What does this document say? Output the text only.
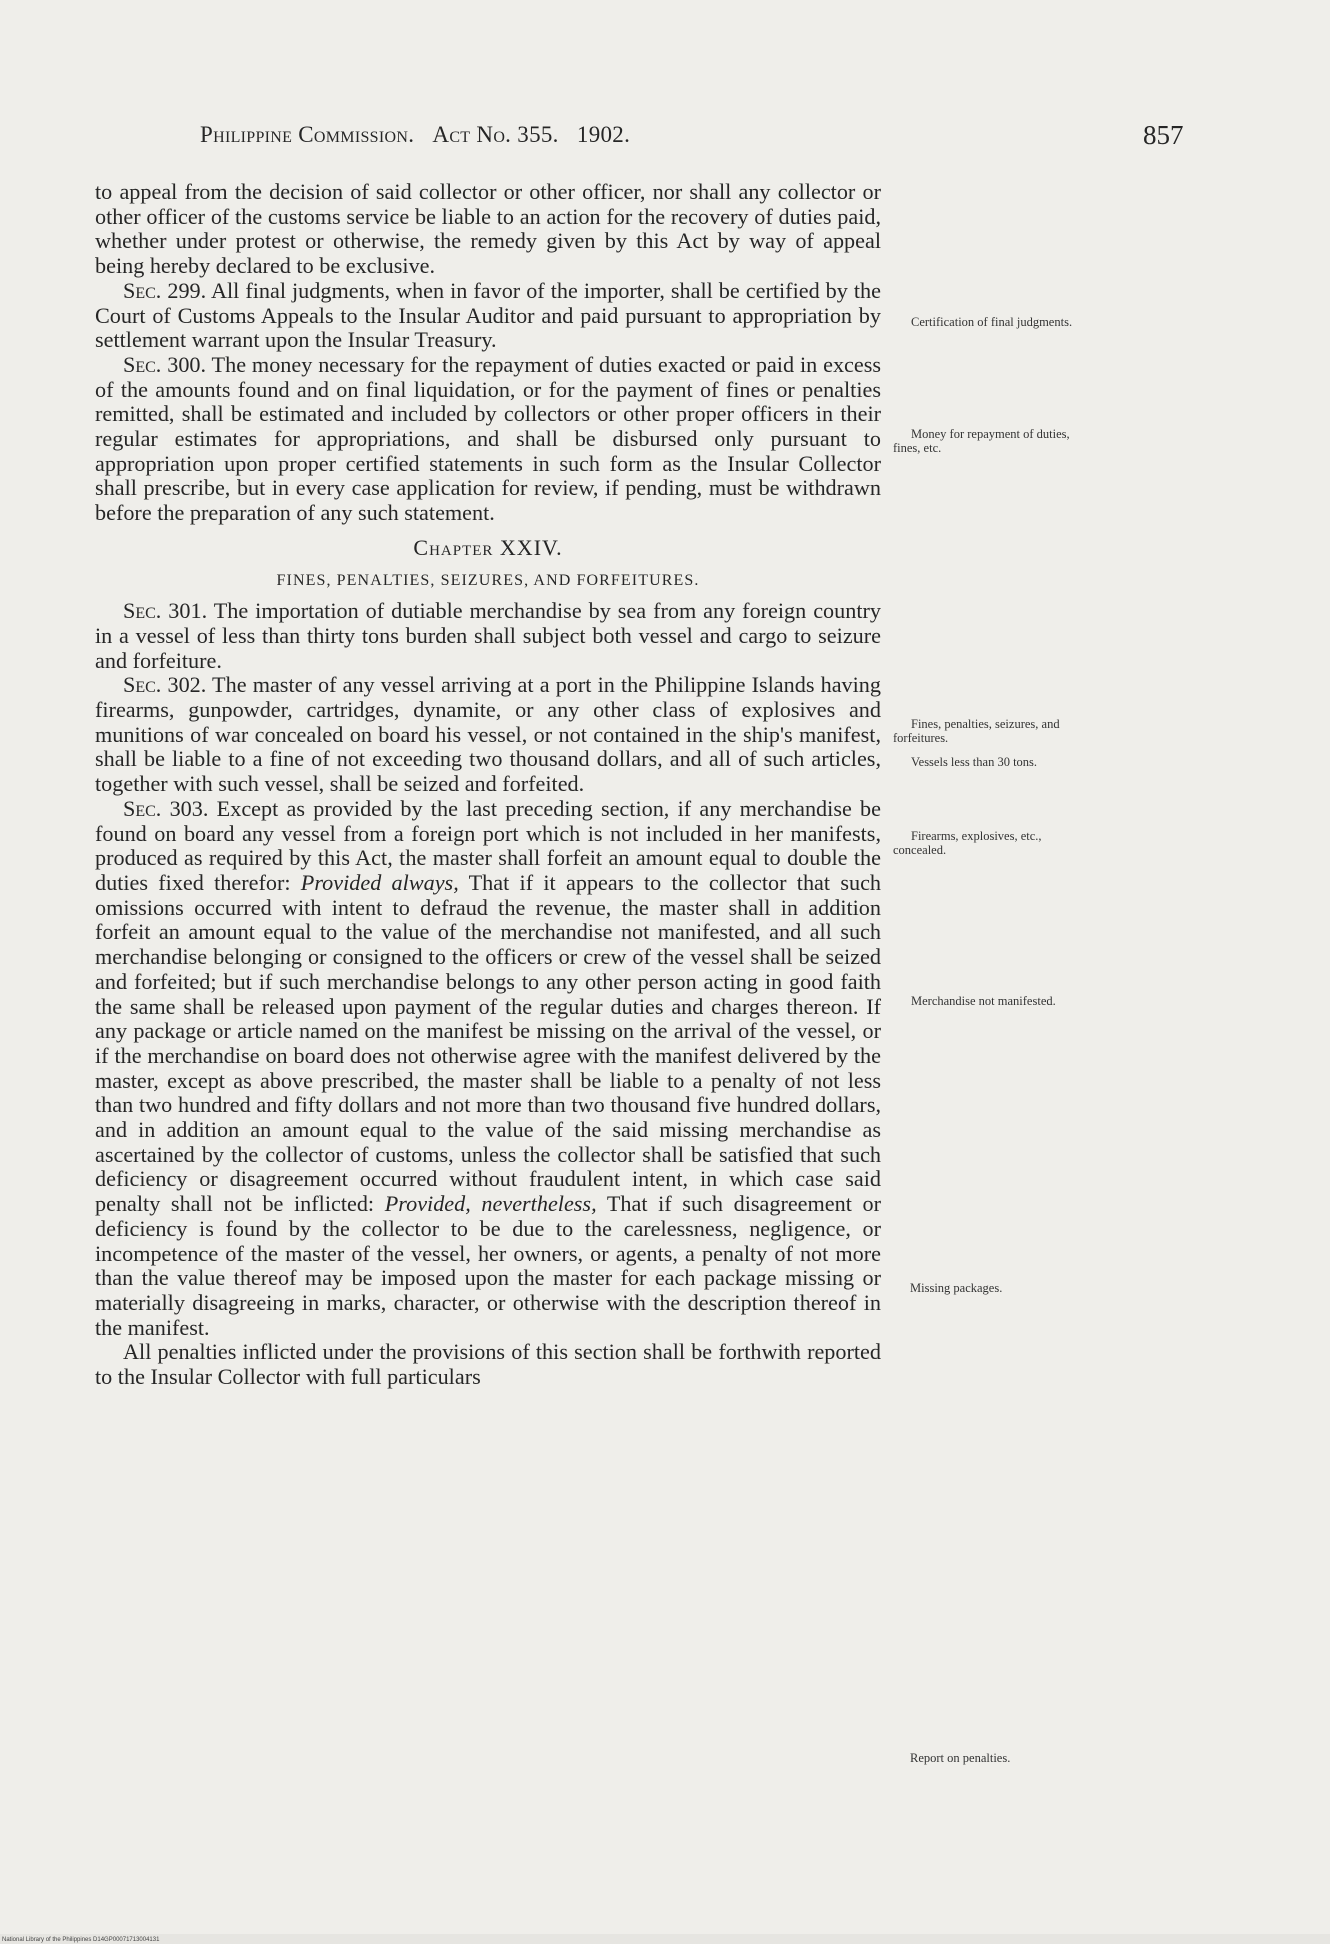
Philippine Commission. Act No. 355. 1902.	857

to appeal from the decision of said collector or other officer, nor shall any collector or other officer of the customs service be liable to an action for the recovery of duties paid, whether under protest or otherwise, the remedy given by this Act by way of appeal being hereby declared to be exclusive.

Sec. 299. All final judgments, when in favor of the importer, shall be certified by the Court of Customs Appeals to the Insular Auditor and paid pursuant to appropriation by settlement warrant upon the Insular Treasury.

Sec. 300. The money necessary for the repayment of duties exacted or paid in excess of the amounts found and on final liquidation, or for the payment of fines or penalties remitted, shall be estimated and included by collectors or other proper officers in their regular estimates for appropriations, and shall be disbursed only pursuant to appropriation upon proper certified statements in such form as the Insular Collector shall prescribe, but in every case application for review, if pending, must be withdrawn before the preparation of any such statement.

Chapter XXIV.
FINES, PENALTIES, SEIZURES, AND FORFEITURES.

Sec. 301. The importation of dutiable merchandise by sea from any foreign country in a vessel of less than thirty tons burden shall subject both vessel and cargo to seizure and forfeiture.

Sec. 302. The master of any vessel arriving at a port in the Philippine Islands having firearms, gunpowder, cartridges, dynamite, or any other class of explosives and munitions of war concealed on board his vessel, or not contained in the ship's manifest, shall be liable to a fine of not exceeding two thousand dollars, and all of such articles, together with such vessel, shall be seized and forfeited.

Sec. 303. Except as provided by the last preceding section, if any merchandise be found on board any vessel from a foreign port which is not included in her manifests, produced as required by this Act, the master shall forfeit an amount equal to double the duties fixed therefor: Provided always, That if it appears to the collector that such omissions occurred with intent to defraud the revenue, the master shall in addition forfeit an amount equal to the value of the merchandise not manifested, and all such merchandise belonging or consigned to the officers or crew of the vessel shall be seized and forfeited; but if such merchandise belongs to any other person acting in good faith the same shall be released upon payment of the regular duties and charges thereon. If any package or article named on the manifest be missing on the arrival of the vessel, or if the merchandise on board does not otherwise agree with the manifest delivered by the master, except as above prescribed, the master shall be liable to a penalty of not less than two hundred and fifty dollars and not more than two thousand five hundred dollars, and in addition an amount equal to the value of the said missing merchandise as ascertained by the collector of customs, unless the collector shall be satisfied that such deficiency or disagreement occurred without fraudulent intent, in which case said penalty shall not be inflicted: Provided, nevertheless, That if such disagreement or deficiency is found by the collector to be due to the carelessness, negligence, or incompetence of the master of the vessel, her owners, or agents, a penalty of not more than the value thereof may be imposed upon the master for each package missing or materially disagreeing in marks, character, or otherwise with the description thereof in the manifest.

All penalties inflicted under the provisions of this section shall be forthwith reported to the Insular Collector with full particulars

Certification of final judgments.
Money for repayment of duties, fines, etc.
Fines, penalties, seizures, and forfeitures.
Vessels less than 30 tons.
Firearms, explosives, etc., concealed.
Merchandise not manifested.
Missing packages.
Report on penalties.
National Library of the Philippines D14GP00071713004131
